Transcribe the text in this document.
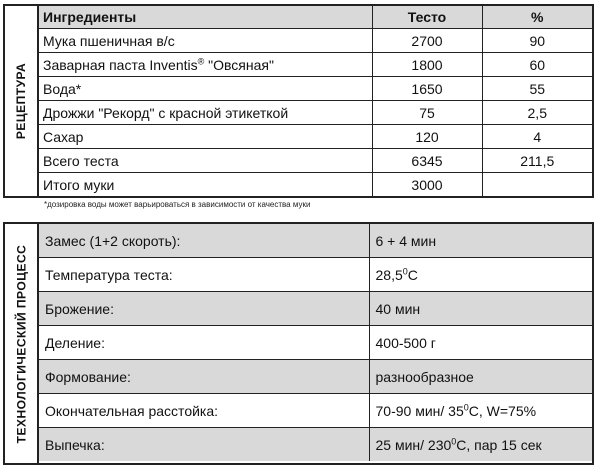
РЕЦЕПТУРА
Ингредиенты	Тесто	%
Мука пшеничная в/с	2700	90
Заварная паста Inventis® "Овсяная"	1800	60
Вода*	1650	55
Дрожжи "Рекорд" с красной этикеткой	75	2,5
Сахар	120	4
Всего теста	6345	211,5
Итого муки	3000	
*дозировка воды может варьироваться в зависимости от качества муки
ТЕХНОЛОГИЧЕСКИЙ ПРОЦЕСС
Замес (1+2 скороть):	6 + 4 мин
Температура теста:	28,5$^0$С
Брожение:	40 мин
Деление:	400-500 г
Формование:	разнообразное
Окончательная расстойка:	70-90 мин/ $35^0С$, W=75%
Выпечка:	25 мин/ $230^0С$, пар 15 сек
